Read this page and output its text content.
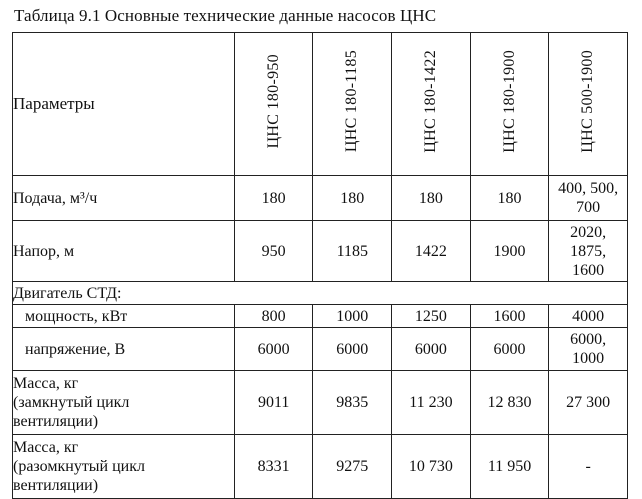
Таблица 9.1 Основные технические данные насосов ЦНС
Параметры	ЦНС 180-950	ЦНС 180-1185	ЦНС 180-1422	ЦНС 180-1900	ЦНС 500-1900
Подача, м³/ч	180	180	180	180	400, 500,
700
Напор, м	950	1185	1422	1900	2020,
1875,
1600
Двигатель СТД:					
мощность, кВт	800	1000	1250	1600	4000
напряжение, В	6000	6000	6000	6000	6000,
1000
Масса, кг
(замкнутый цикл
вентиляции)	9011	9835	11 230	12 830	27 300
Масса, кг
(разомкнутый цикл
вентиляции)	8331	9275	10 730	11 950	-
